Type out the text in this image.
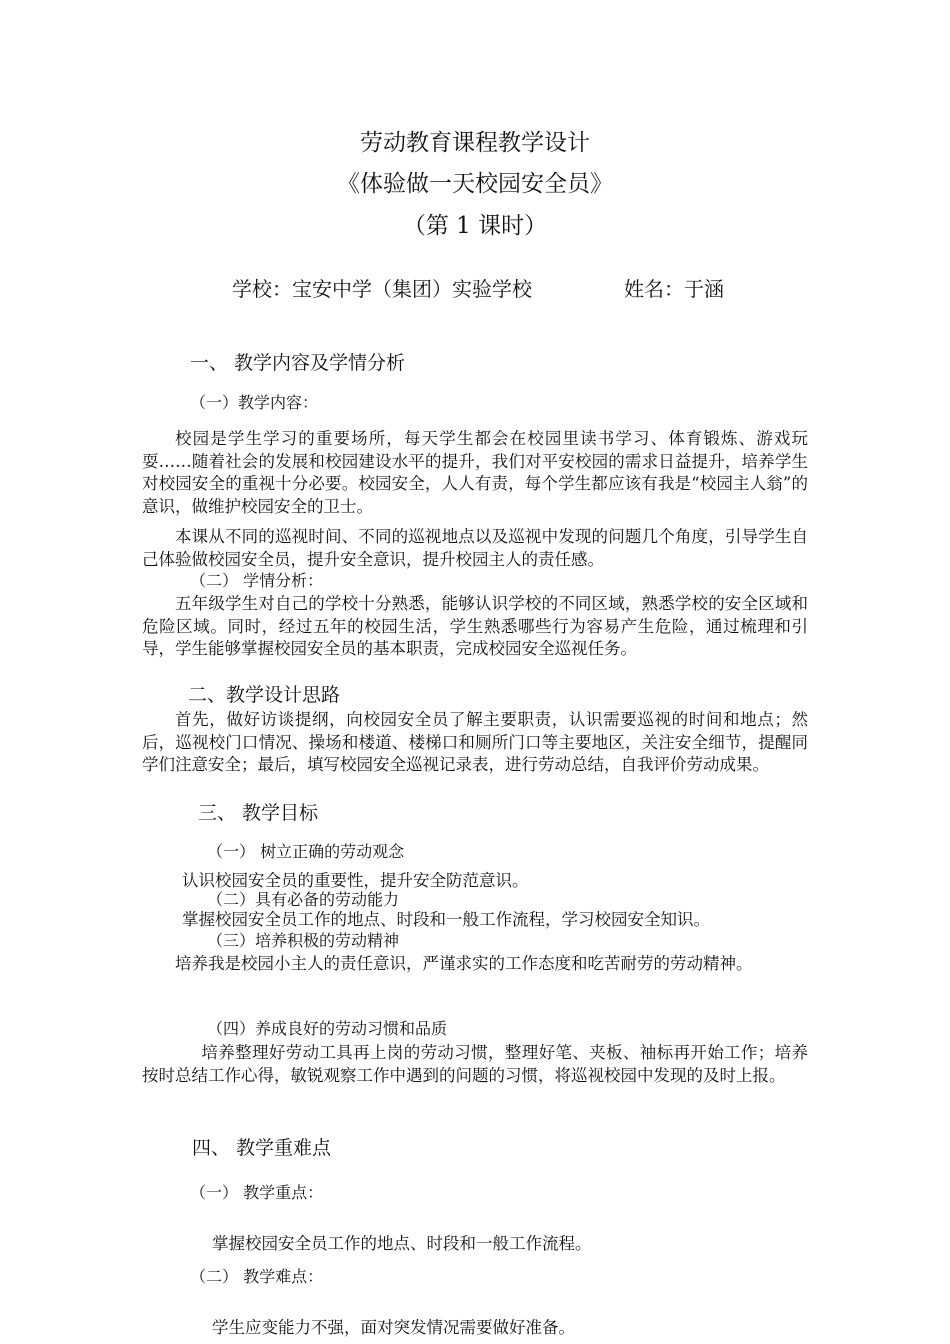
劳动教育课程教学设计
《体验做一天校园安全员》
（第 1 课时）
学校：宝安中学（集团）实验学校	姓名：于涵
一、 教学内容及学情分析
（一）教学内容：
校园是学生学习的重要场所，每天学生都会在校园里读书学习、体育锻炼、游戏玩耍……随着社会的发展和校园建设水平的提升，我们对平安校园的需求日益提升，培养学生对校园安全的重视十分必要。校园安全，人人有责，每个学生都应该有我是“校园主人翁”的意识，做维护校园安全的卫士。
本课从不同的巡视时间、不同的巡视地点以及巡视中发现的问题几个角度，引导学生自己体验做校园安全员，提升安全意识，提升校园主人的责任感。
（二） 学情分析：
五年级学生对自己的学校十分熟悉，能够认识学校的不同区域，熟悉学校的安全区域和危险区域。同时，经过五年的校园生活，学生熟悉哪些行为容易产生危险，通过梳理和引导，学生能够掌握校园安全员的基本职责，完成校园安全巡视任务。
二、教学设计思路
首先，做好访谈提纲，向校园安全员了解主要职责，认识需要巡视的时间和地点；然后，巡视校门口情况、操场和楼道、楼梯口和厕所门口等主要地区，关注安全细节，提醒同学们注意安全；最后，填写校园安全巡视记录表，进行劳动总结，自我评价劳动成果。
三、 教学目标
（一） 树立正确的劳动观念
认识校园安全员的重要性，提升安全防范意识。
（二）具有必备的劳动能力
掌握校园安全员工作的地点、时段和一般工作流程，学习校园安全知识。
（三）培养积极的劳动精神
培养我是校园小主人的责任意识，严谨求实的工作态度和吃苦耐劳的劳动精神。
（四）养成良好的劳动习惯和品质
培养整理好劳动工具再上岗的劳动习惯，整理好笔、夹板、袖标再开始工作；培养按时总结工作心得，敏锐观察工作中遇到的问题的习惯，将巡视校园中发现的及时上报。
四、 教学重难点
（一） 教学重点：
掌握校园安全员工作的地点、时段和一般工作流程。
（二） 教学难点：
学生应变能力不强，面对突发情况需要做好准备。
